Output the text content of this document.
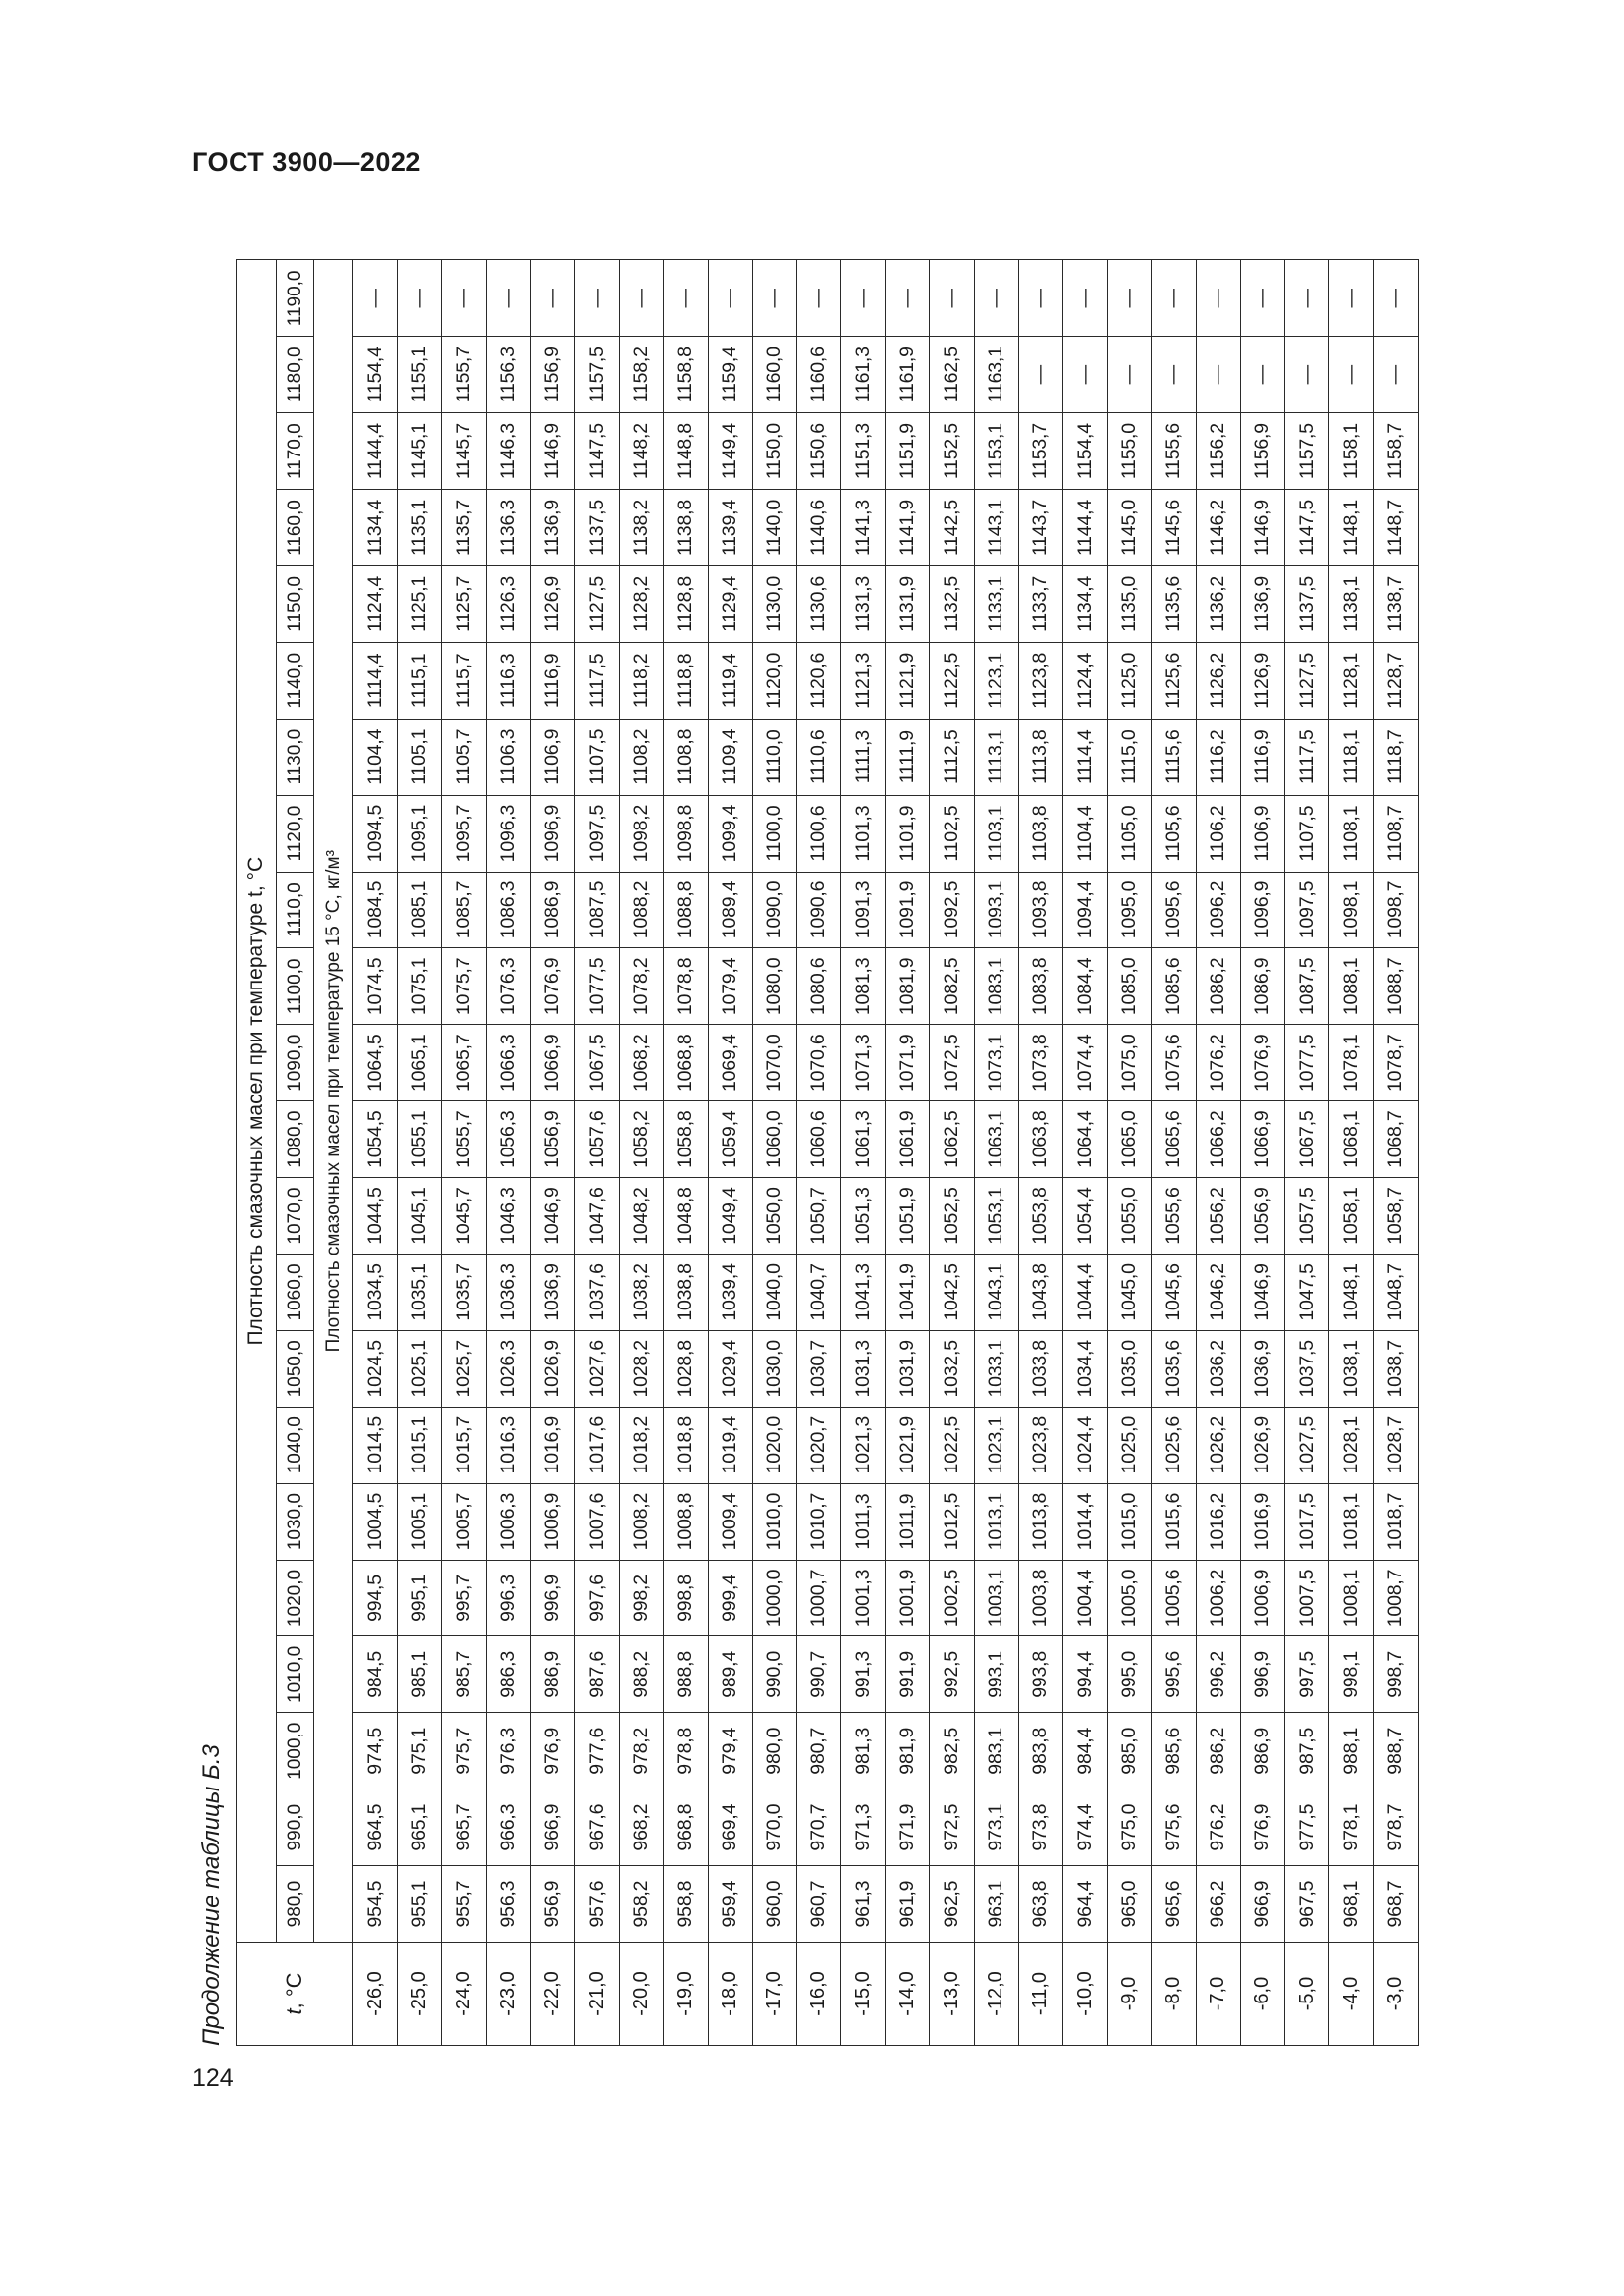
ГОСТ 3900—2022
Продолжение таблицы Б.3	t, °С	Плотность смазочных масел при температуре t, °С																					
	980,0	990,0	1000,0	1010,0	1020,0	1030,0	1040,0	1050,0	1060,0	1070,0	1080,0	1090,0	1100,0	1110,0	1120,0	1130,0	1140,0	1150,0	1160,0	1170,0	1180,0	1190,0
	Плотность смазочных масел при температуре 15 °С, кг/м³																					
-26,0	954,5	964,5	974,5	984,5	994,5	1004,5	1014,5	1024,5	1034,5	1044,5	1054,5	1064,5	1074,5	1084,5	1094,5	1104,4	1114,4	1124,4	1134,4	1144,4	1154,4	—
-25,0	955,1	965,1	975,1	985,1	995,1	1005,1	1015,1	1025,1	1035,1	1045,1	1055,1	1065,1	1075,1	1085,1	1095,1	1105,1	1115,1	1125,1	1135,1	1145,1	1155,1	—
-24,0	955,7	965,7	975,7	985,7	995,7	1005,7	1015,7	1025,7	1035,7	1045,7	1055,7	1065,7	1075,7	1085,7	1095,7	1105,7	1115,7	1125,7	1135,7	1145,7	1155,7	—
-23,0	956,3	966,3	976,3	986,3	996,3	1006,3	1016,3	1026,3	1036,3	1046,3	1056,3	1066,3	1076,3	1086,3	1096,3	1106,3	1116,3	1126,3	1136,3	1146,3	1156,3	—
-22,0	956,9	966,9	976,9	986,9	996,9	1006,9	1016,9	1026,9	1036,9	1046,9	1056,9	1066,9	1076,9	1086,9	1096,9	1106,9	1116,9	1126,9	1136,9	1146,9	1156,9	—
-21,0	957,6	967,6	977,6	987,6	997,6	1007,6	1017,6	1027,6	1037,6	1047,6	1057,6	1067,5	1077,5	1087,5	1097,5	1107,5	1117,5	1127,5	1137,5	1147,5	1157,5	—
-20,0	958,2	968,2	978,2	988,2	998,2	1008,2	1018,2	1028,2	1038,2	1048,2	1058,2	1068,2	1078,2	1088,2	1098,2	1108,2	1118,2	1128,2	1138,2	1148,2	1158,2	—
-19,0	958,8	968,8	978,8	988,8	998,8	1008,8	1018,8	1028,8	1038,8	1048,8	1058,8	1068,8	1078,8	1088,8	1098,8	1108,8	1118,8	1128,8	1138,8	1148,8	1158,8	—
-18,0	959,4	969,4	979,4	989,4	999,4	1009,4	1019,4	1029,4	1039,4	1049,4	1059,4	1069,4	1079,4	1089,4	1099,4	1109,4	1119,4	1129,4	1139,4	1149,4	1159,4	—
-17,0	960,0	970,0	980,0	990,0	1000,0	1010,0	1020,0	1030,0	1040,0	1050,0	1060,0	1070,0	1080,0	1090,0	1100,0	1110,0	1120,0	1130,0	1140,0	1150,0	1160,0	—
-16,0	960,7	970,7	980,7	990,7	1000,7	1010,7	1020,7	1030,7	1040,7	1050,7	1060,6	1070,6	1080,6	1090,6	1100,6	1110,6	1120,6	1130,6	1140,6	1150,6	1160,6	—
-15,0	961,3	971,3	981,3	991,3	1001,3	1011,3	1021,3	1031,3	1041,3	1051,3	1061,3	1071,3	1081,3	1091,3	1101,3	1111,3	1121,3	1131,3	1141,3	1151,3	1161,3	—
-14,0	961,9	971,9	981,9	991,9	1001,9	1011,9	1021,9	1031,9	1041,9	1051,9	1061,9	1071,9	1081,9	1091,9	1101,9	1111,9	1121,9	1131,9	1141,9	1151,9	1161,9	—
-13,0	962,5	972,5	982,5	992,5	1002,5	1012,5	1022,5	1032,5	1042,5	1052,5	1062,5	1072,5	1082,5	1092,5	1102,5	1112,5	1122,5	1132,5	1142,5	1152,5	1162,5	—
-12,0	963,1	973,1	983,1	993,1	1003,1	1013,1	1023,1	1033,1	1043,1	1053,1	1063,1	1073,1	1083,1	1093,1	1103,1	1113,1	1123,1	1133,1	1143,1	1153,1	1163,1	—
-11,0	963,8	973,8	983,8	993,8	1003,8	1013,8	1023,8	1033,8	1043,8	1053,8	1063,8	1073,8	1083,8	1093,8	1103,8	1113,8	1123,8	1133,7	1143,7	1153,7	—	—
-10,0	964,4	974,4	984,4	994,4	1004,4	1014,4	1024,4	1034,4	1044,4	1054,4	1064,4	1074,4	1084,4	1094,4	1104,4	1114,4	1124,4	1134,4	1144,4	1154,4	—	—
-9,0	965,0	975,0	985,0	995,0	1005,0	1015,0	1025,0	1035,0	1045,0	1055,0	1065,0	1075,0	1085,0	1095,0	1105,0	1115,0	1125,0	1135,0	1145,0	1155,0	—	—
-8,0	965,6	975,6	985,6	995,6	1005,6	1015,6	1025,6	1035,6	1045,6	1055,6	1065,6	1075,6	1085,6	1095,6	1105,6	1115,6	1125,6	1135,6	1145,6	1155,6	—	—
-7,0	966,2	976,2	986,2	996,2	1006,2	1016,2	1026,2	1036,2	1046,2	1056,2	1066,2	1076,2	1086,2	1096,2	1106,2	1116,2	1126,2	1136,2	1146,2	1156,2	—	—
-6,0	966,9	976,9	986,9	996,9	1006,9	1016,9	1026,9	1036,9	1046,9	1056,9	1066,9	1076,9	1086,9	1096,9	1106,9	1116,9	1126,9	1136,9	1146,9	1156,9	—	—
-5,0	967,5	977,5	987,5	997,5	1007,5	1017,5	1027,5	1037,5	1047,5	1057,5	1067,5	1077,5	1087,5	1097,5	1107,5	1117,5	1127,5	1137,5	1147,5	1157,5	—	—
-4,0	968,1	978,1	988,1	998,1	1008,1	1018,1	1028,1	1038,1	1048,1	1058,1	1068,1	1078,1	1088,1	1098,1	1108,1	1118,1	1128,1	1138,1	1148,1	1158,1	—	—
-3,0	968,7	978,7	988,7	998,7	1008,7	1018,7	1028,7	1038,7	1048,7	1058,7	1068,7	1078,7	1088,7	1098,7	1108,7	1118,7	1128,7	1138,7	1148,7	1158,7	—	—
124
